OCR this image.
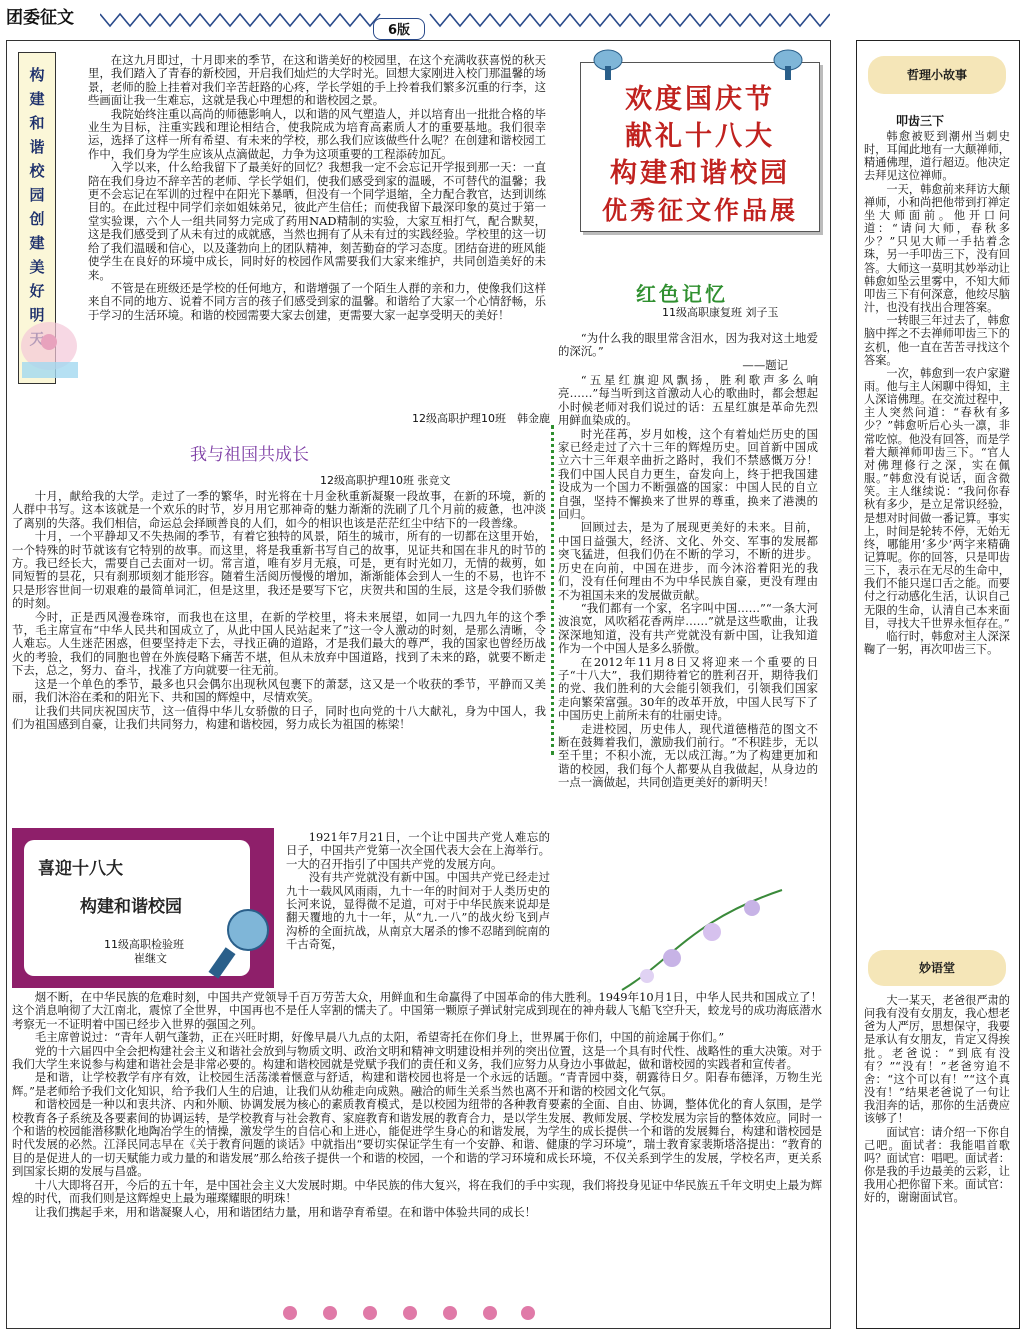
团委征文
6版
构
建
和
谐
校
园
创
建
美
好
明

在这九月即过，十月即来的季节，在这和谐美好的校园里，在这个充满收获喜悦的秋天里，我们踏入了青春的新校园，开启我们灿烂的大学时光。回想大家刚进入校门那温馨的场景，老师的脸上挂着对我们辛苦赶路的心疼，学长学姐的手上拎着我们繁多沉重的行李，这些画面让我一生难忘，这就是我心中理想的和谐校园之景。

我院始终注重以高尚的师德影响人，以和谐的风气塑造人，并以培育出一批批合格的毕业生为目标，注重实践和理论相结合，使我院成为培育高素质人才的重要基地。我们很幸运，选择了这样一所有希望、有未来的学校，那么我们应该做些什么呢？在创建和谐校园工作中，我们身为学生应该从点滴做起，力争为这项重要的工程添砖加瓦。

入学以来，什么给我留下了最美好的回忆？我想我一定不会忘记开学报到那一天：一直陪在我们身边不辞辛苦的老师、学长学姐们，使我们感受到家的温暖，不可替代的温馨；我更不会忘记在军训的过程中在阳光下暴晒，但没有一个同学退缩，全力配合教官，达到训练目的。在此过程中同学们亲如姐妹弟兄，彼此产生信任；而使我留下最深印象的莫过于第一堂实验课，六个人一组共同努力完成了药用NAD精制的实验，大家互相打气，配合默契，这是我们感受到了从未有过的成就感，当然也拥有了从未有过的实践经验。学校里的这一切给了我们温暖和信心，以及蓬勃向上的团队精神，刻苦勤奋的学习态度。团结奋进的班风能使学生在良好的环境中成长，同时好的校园作风需要我们大家来维护，共同创造美好的未来。

不管是在班级还是学校的任何地方，和谐增强了一个陌生人群的亲和力，使像我们这样来自不同的地方、说着不同方言的孩子们感受到家的温馨。和谐给了大家一个心情舒畅，乐于学习的生活环境。和谐的校园需要大家去创建，更需要大家一起享受明天的美好！

12级高职护理10班　韩金鹿
欢度国庆节
献礼十八大
构建和谐校园
优秀征文作品展
我与祖国共成长
12级高职护理10班 张竞文

十月，献给我的大学。走过了一季的繁华，时光将在十月金秋重新凝聚一段故事，在新的环境，新的人群中书写。这本该就是一个欢乐的时节，岁月用它那神奇的魅力渐渐的洗刷了几个月前的疲惫，也冲淡了离别的失落。我们相信，命运总会择顾善良的人们，如今的相识也该是茫茫红尘中结下的一段善缘。

十月，一个平静却又不失热闹的季节，有着它独特的风景，陌生的城市，所有的一切都在这里开始，一个特殊的时节就该有它特别的故事。而这里，将是我重新书写自己的故事，见证共和国在非凡的时节的方。我已经长大，需要自己去面对一切。常言道，唯有岁月无痕，可是，更有时光如刀，无情的裁剪，如同短暂的昙花，只有刹那顷刻才能形容。随着生活阅历慢慢的增加，渐渐能体会到人一生的不易，也许不只是形容世间一切艰难的最简单词汇，但是这里，我还是要写下它，庆贺共和国的生辰，这是令我们骄傲的时刻。

今时，正是西风漫卷珠帘，而我也在这里，在新的学校里，将未来展望，如同一九四九年的这个季节，毛主席宣布“中华人民共和国成立了，从此中国人民站起来了”这一令人激动的时刻，是那么清晰，令人难忘。人生迷茫困惑，但要坚持走下去，寻找正确的道路，才是我们最大的尊严，我的国家也曾经历战火的考验，我们的同胞也曾在外族侵略下痛苦不堪，但从未放弃中国道路，找到了未来的路，就要不断走下去，总之，努力、奋斗，找准了方向就要一往无前。

这是一个单色的季节，最多也只会偶尔出现秋风包裹下的萧瑟，这又是一个收获的季节，平静而又美丽，我们沐浴在柔和的阳光下、共和国的辉煌中，尽情欢笑。

让我们共同庆祝国庆节，这一值得中华儿女骄傲的日子，同时也向党的十八大献礼，身为中国人，我们为祖国感到自豪，让我们共同努力，构建和谐校园，努力成长为祖国的栋梁！

红色记忆
11级高职康复班 刘子玉

“为什么我的眼里常含泪水，因为我对这土地爱的深沉。”

——题记

“五星红旗迎风飘扬，胜利歌声多么响亮……”每当听到这首激动人心的歌曲时，都会想起小时候老师对我们说过的话：五星红旗是革命先烈用鲜血染成的。

时光荏苒，岁月如梭，这个有着灿烂历史的国家已经走过了六十三年的辉煌历史。回首新中国成立六十三年艰辛曲折之路时，我们不禁感慨万分！我们中国人民自力更生，奋发向上，终于把我国建设成为一个国力不断强盛的国家：中国人民的自立自强，坚持不懈换来了世界的尊重，换来了港澳的回归。

回顾过去，是为了展现更美好的未来。目前，中国日益强大，经济、文化、外交、军事的发展都突飞猛进，但我们仍在不断的学习，不断的进步。历史在向前，中国在进步，而今沐浴着阳光的我们，没有任何理由不为中华民族自豪，更没有理由不为祖国未来的发展做贡献。

“我们都有一个家，名字叫中国……”“一条大河波浪宽，风吹稻花香两岸……”就是这些歌曲，让我深深地知道，没有共产党就没有新中国，让我知道作为一个中国人是多么骄傲。

在2012年11月8日又将迎来一个重要的日子“十八大”，我们期待着它的胜利召开，期待我们的党、我们胜利的大会能引领我们，引领我们国家走向繁荣富强。30年的改革开放，中国人民写下了中国历史上前所未有的壮丽史诗。

走进校园，历史伟人，现代道德楷范的图文不断在鼓舞着我们，激励我们前行。“不积跬步，无以至千里；不积小流，无以成江海。”为了构建更加和谐的校园，我们每个人都要从自我做起，从身边的一点一滴做起，共同创造更美好的新明天！

喜迎十八大
构建和谐校园
11级高职检验班
崔继文

1921年7月21日，一个让中国共产党人难忘的日子，中国共产党第一次全国代表大会在上海举行。一大的召开指引了中国共产党的发展方向。

没有共产党就没有新中国。中国共产党已经走过九十一载风风雨雨，九十一年的时间对于人类历史的长河来说，显得微不足道，可对于中华民族来说却是翻天覆地的九十一年，从“九.一八”的战火纷飞到卢沟桥的全面抗战，从南京大屠杀的惨不忍睹到皖南的千古奇冤，

烟不断，在中华民族的危难时刻，中国共产党领导千百万劳苦大众，用鲜血和生命赢得了中国革命的伟大胜利。1949年10月1日，中华人民共和国成立了！这个消息响彻了大江南北，震惊了全世界，中国再也不是任人宰割的懦夫了。中国第一颗原子弹试射完成到现在的神舟载人飞船飞空升天，蛟龙号的成功海底潜水考察无一不证明着中国已经步入世界的强国之列。

毛主席曾说过：“青年人朝气蓬勃，正在兴旺时期，好像早晨八九点的太阳，希望寄托在你们身上，世界属于你们，中国的前途属于你们。”

党的十六届四中全会把构建社会主义和谐社会放到与物质文明、政治文明和精神文明建设相并列的突出位置，这是一个具有时代性、战略性的重大决策。对于我们大学生来说参与构建和谐社会是非常必要的。构建和谐校园就是党赋予我们的责任和义务，我们应努力从身边小事做起，做和谐校园的实践者和宣传者。

是和谐，让学校教学有序有效，让校园生活荡漾着惬意与舒适，构建和谐校园也将是一个永远的话题。“青青园中葵，朝露待日夕。阳春布德泽，万物生光辉。”是老师给予我们文化知识，给予我们人生的启迪，让我们从幼稚走向成熟。融洽的师生关系当然也离不开和谐的校园文化气氛。

和谐校园是一种以和衷共济、内和外顺、协调发展为核心的素质教育模式，是以校园为纽带的各种教育要素的全面、自由、协调，整体优化的育人氛围，是学校教育各子系统及各要素间的协调运转，是学校教育与社会教育、家庭教育和谐发展的教育合力，是以学生发展、教师发展、学校发展为宗旨的整体效应。同时一个和谐的校园能潜移默化地陶冶学生的情操，激发学生的自信心和上进心，能促进学生身心的和谐发展，为学生的成长提供一个和谐的发展舞台，构建和谐校园是时代发展的必然。江泽民同志早在《关于教育问题的谈话》中就指出“要切实保证学生有一个安静、和谐、健康的学习环境”，瑞士教育家裴斯塔洛提出：“教育的目的是促进人的一切天赋能力或力量的和谐发展”那么给孩子提供一个和谐的校园，一个和谐的学习环境和成长环境，不仅关系到学生的发展，学校名声，更关系到国家长期的发展与昌盛。

十八大即将召开，今后的五十年，是中国社会主义大发展时期。中华民族的伟大复兴，将在我们的手中实现，我们将投身见证中华民族五千年文明史上最为辉煌的时代，而我们则是这辉煌史上最为璀璨耀眼的明珠！

让我们携起手来，用和谐凝聚人心，用和谐团结力量，用和谐孕育希望。在和谐中体验共同的成长！

哲理小故事
叩齿三下

韩愈被贬到潮州当刺史时，耳闻此地有一大颠禅师，精通佛理，道行超迈。他决定去拜见这位禅师。

一天，韩愈前来拜访大颠禅师，小和尚把他带到打禅定坐大师面前。他开口问道：“请问大师，春秋多少？”只见大师一手拈着念珠，另一手叩齿三下，没有回答。大师这一莫明其妙举动让韩愈如坠云里雾中，不知大师叩齿三下有何深意，他绞尽脑汁，也没有找出合理答案。

一转眼三年过去了，韩愈脑中挥之不去禅师叩齿三下的玄机，他一直在苦苦寻找这个答案。

一次，韩愈到一农户家避雨。他与主人闲聊中得知，主人深谙佛理。在交流过程中，主人突然问道：“春秋有多少？”韩愈听后心头一凛，非常吃惊。他没有回答，而是学着大颠禅师叩齿三下。“官人对佛理修行之深，实在佩服。”韩愈没有说话，面含微笑。主人继续说：“我问你春秋有多少，是立足常识经验，是想对时间做一番记算。事实上，时间是轮转不停，无始无终，哪能用‘多少’两字来精确记算呢。你的回答，只是叩齿三下，表示在无尽的生命中，我们不能只逞口舌之能。而要付之行动感化生活，认识自己无限的生命，认清自己本来面目，寻找大千世界永恒存在。”

临行时，韩愈对主人深深鞠了一躬，再次叩齿三下。

妙语堂

大一某天，老爸很严肃的问我有没有女朋友，我心想老爸为人严厉，思想保守，我要是承认有女朋友，肯定又得挨批。老爸说：“到底有没有？”“没有！”老爸穷追不舍：“这个可以有！”“这个真没有！”结果老爸说了一句让我泪奔的话，那你的生活费应该够了！

面试官：请介绍一下你自己吧。面试者：我能唱首歌吗？面试官：唱吧。面试者：你是我的手边最美的云彩，让我用心把你留下来。面试官：好的，谢谢面试官。
